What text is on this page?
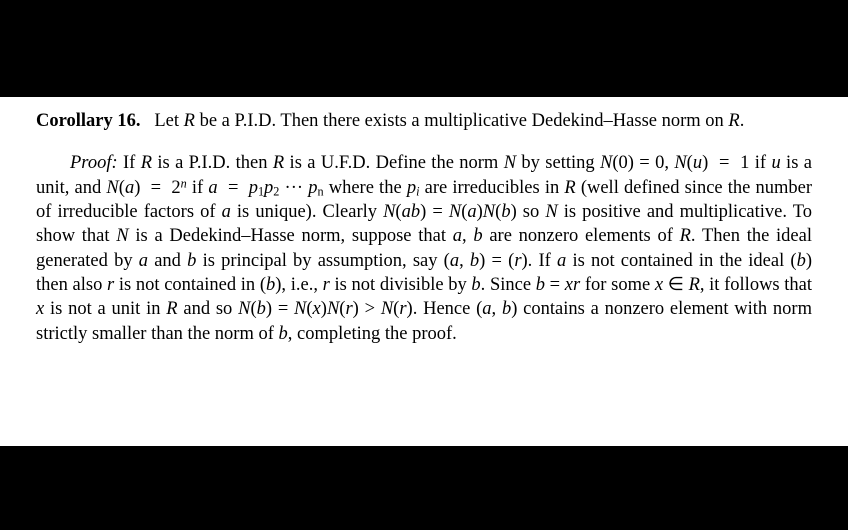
Corollary 16.   Let R be a P.I.D. Then there exists a multiplicative Dedekind–Hasse norm on R.

Proof: If R is a P.I.D. then R is a U.F.D. Define the norm N by setting N(0) = 0, N(u)  =  1 if u is a unit, and N(a)  =  2$^n$ if $a = p_1p_2$ ··· $p_n$ where the $p_i$ are irreducibles in R (well defined since the number of irreducible factors of a is unique). Clearly N(ab) = N(a)N(b) so N is positive and multiplicative. To show that N is a Dedekind–Hasse norm, suppose that a, b are nonzero elements of R. Then the ideal generated by a and b is principal by assumption, say (a, b) = (r). If a is not contained in the ideal (b) then also r is not contained in (b), i.e., r is not divisible by b. Since b = xr for some x ∈ R, it follows that x is not a unit in R and so N(b) = N(x)N(r) > N(r). Hence (a, b) contains a nonzero element with norm strictly smaller than the norm of b, completing the proof.
